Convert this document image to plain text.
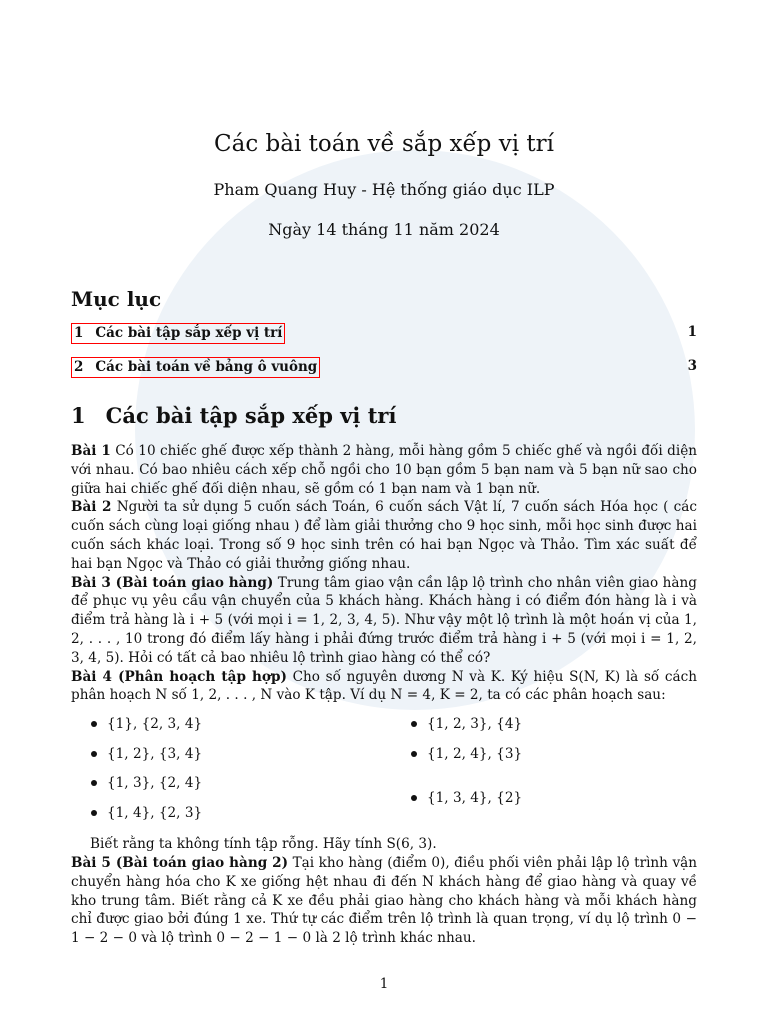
Các bài toán về sắp xếp vị trí
Pham Quang Huy - Hệ thống giáo dục ILP
Ngày 14 tháng 11 năm 2024
Mục lục
1 Các bài tập sắp xếp vị trí	1
2 Các bài toán về bảng ô vuông	3
1 Các bài tập sắp xếp vị trí

Bài 1 Có 10 chiếc ghế được xếp thành 2 hàng, mỗi hàng gồm 5 chiếc ghế và ngồi đối diện với nhau. Có bao nhiêu cách xếp chỗ ngồi cho 10 bạn gồm 5 bạn nam và 5 bạn nữ sao cho giữa hai chiếc ghế đối diện nhau, sẽ gồm có 1 bạn nam và 1 bạn nữ.

Bài 2 Người ta sử dụng 5 cuốn sách Toán, 6 cuốn sách Vật lí, 7 cuốn sách Hóa học ( các cuốn sách cùng loại giống nhau ) để làm giải thưởng cho 9 học sinh, mỗi học sinh được hai cuốn sách khác loại. Trong số 9 học sinh trên có hai bạn Ngọc và Thảo. Tìm xác suất để hai bạn Ngọc và Thảo có giải thưởng giống nhau.

Bài 3 (Bài toán giao hàng) Trung tâm giao vận cần lập lộ trình cho nhân viên giao hàng để phục vụ yêu cầu vận chuyển của 5 khách hàng. Khách hàng i có điểm đón hàng là i và điểm trả hàng là i + 5 (với mọi i = 1, 2, 3, 4, 5). Như vậy một lộ trình là một hoán vị của 1, 2, . . . , 10 trong đó điểm lấy hàng i phải đứng trước điểm trả hàng i + 5 (với mọi i = 1, 2, 3, 4, 5). Hỏi có tất cả bao nhiêu lộ trình giao hàng có thể có?

Bài 4 (Phân hoạch tập hợp) Cho số nguyên dương N và K. Ký hiệu S(N, K) là số cách phân hoạch N số 1, 2, . . . , N vào K tập. Ví dụ N = 4, K = 2, ta có các phân hoạch sau:

{1}, {2, 3, 4}
{1, 2}, {3, 4}
{1, 3}, {2, 4}
{1, 4}, {2, 3}
{1, 2, 3}, {4}
{1, 2, 4}, {3}
{1, 3, 4}, {2}

Biết rằng ta không tính tập rỗng. Hãy tính S(6, 3).

Bài 5 (Bài toán giao hàng 2) Tại kho hàng (điểm 0), điều phối viên phải lập lộ trình vận chuyển hàng hóa cho K xe giống hệt nhau đi đến N khách hàng để giao hàng và quay về kho trung tâm. Biết rằng cả K xe đều phải giao hàng cho khách hàng và mỗi khách hàng chỉ được giao bởi đúng 1 xe. Thứ tự các điểm trên lộ trình là quan trọng, ví dụ lộ trình 0 − 1 − 2 − 0 và lộ trình 0 − 2 − 1 − 0 là 2 lộ trình khác nhau.

1
